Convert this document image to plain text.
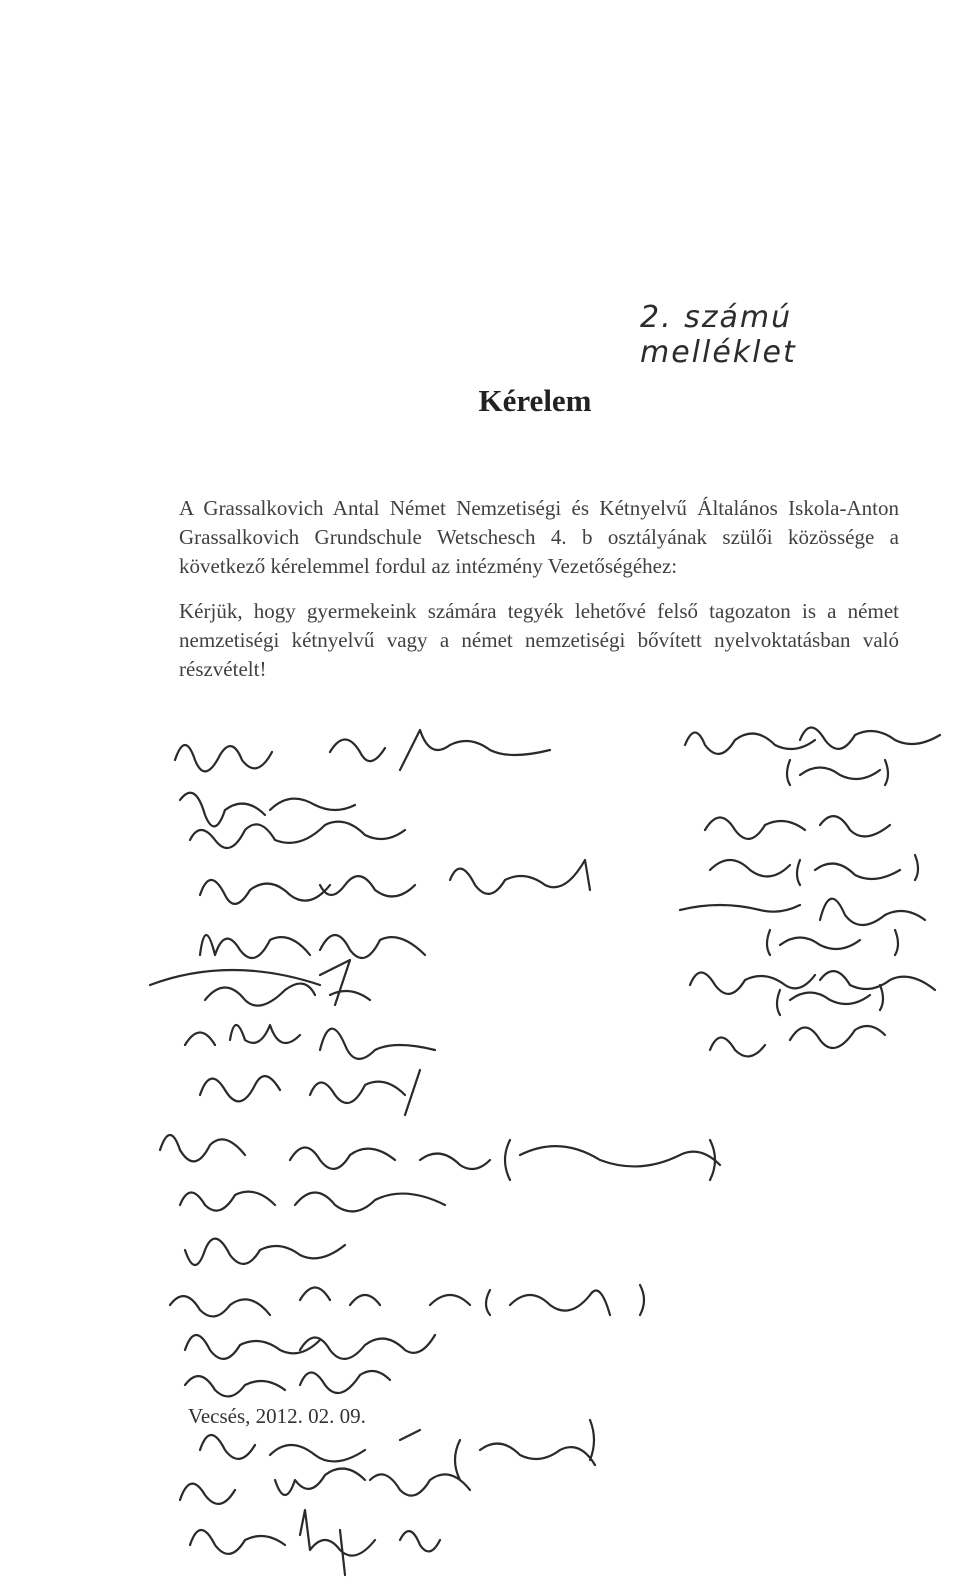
2. számú melléklet
Kérelem
A Grassalkovich Antal Német Nemzetiségi és Kétnyelvű Általános Iskola-Anton Grassalkovich Grundschule Wetschesch 4. b osztályának szülői közössége a következő kérelemmel fordul az intézmény Vezetőségéhez:
Kérjük, hogy gyermekeink számára tegyék lehetővé felső tagozaton is a német nemzetiségi kétnyelvű vagy a német nemzetiségi bővített nyelvoktatásban való részvételt!
Vecsés, 2012. 02. 09.
